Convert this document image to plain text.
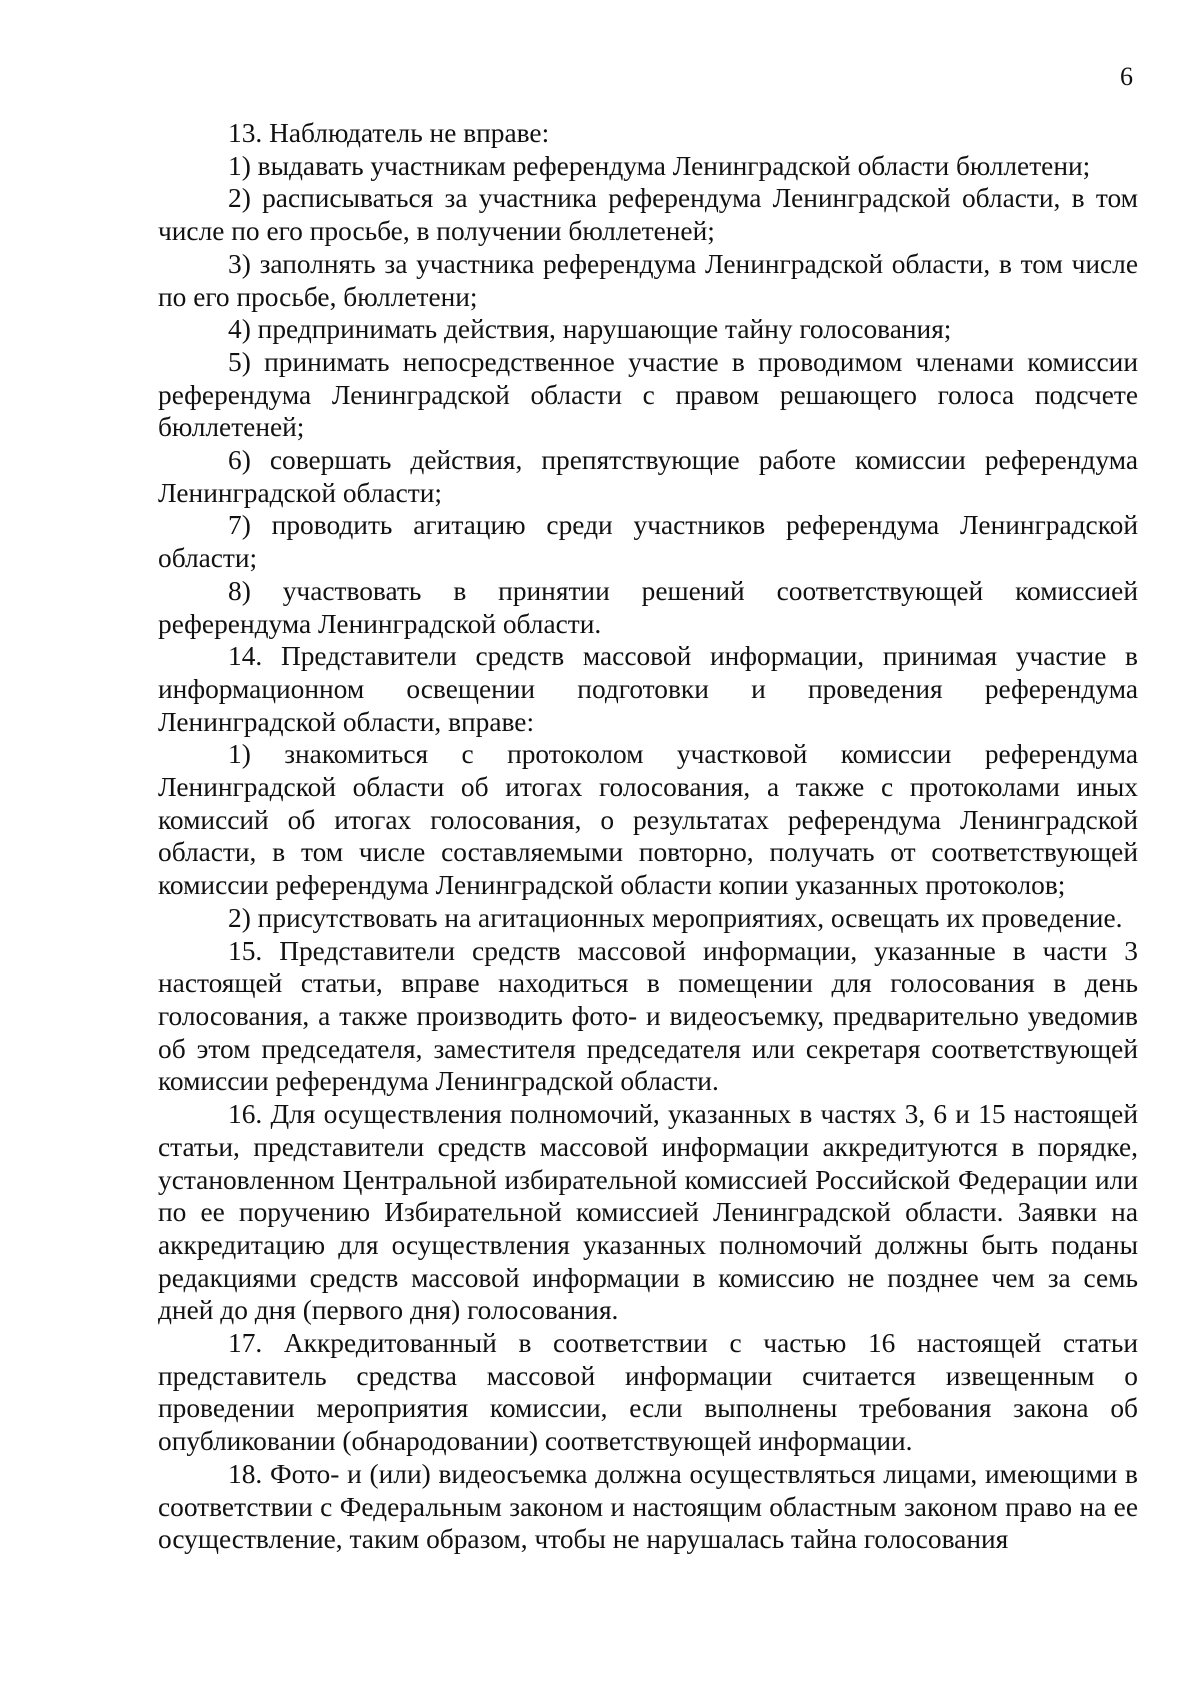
6

13. Наблюдатель не вправе:

1) выдавать участникам референдума Ленинградской области бюллетени;

2) расписываться за участника референдума Ленинградской области, в том числе по его просьбе, в получении бюллетеней;

3) заполнять за участника референдума Ленинградской области, в том числе по его просьбе, бюллетени;

4) предпринимать действия, нарушающие тайну голосования;

5) принимать непосредственное участие в проводимом членами комиссии референдума Ленинградской области с правом решающего голоса подсчете бюллетеней;

6) совершать действия, препятствующие работе комиссии референдума Ленинградской области;

7) проводить агитацию среди участников референдума Ленинградской области;

8) участвовать в принятии решений соответствующей комиссией референдума Ленинградской области.

14. Представители средств массовой информации, принимая участие в информационном освещении подготовки и проведения референдума Ленинградской области, вправе:

1) знакомиться с протоколом участковой комиссии референдума Ленинградской области об итогах голосования, а также с протоколами иных комиссий об итогах голосования, о результатах референдума Ленинградской области, в том числе составляемыми повторно, получать от соответствующей комиссии референдума Ленинградской области копии указанных протоколов;

2) присутствовать на агитационных мероприятиях, освещать их проведение.

15. Представители средств массовой информации, указанные в части 3 настоящей статьи, вправе находиться в помещении для голосования в день голосования, а также производить фото- и видеосъемку, предварительно уведомив об этом председателя, заместителя председателя или секретаря соответствующей комиссии референдума Ленинградской области.

16. Для осуществления полномочий, указанных в частях 3, 6 и 15 настоящей статьи, представители средств массовой информации аккредитуются в порядке, установленном Центральной избирательной комиссией Российской Федерации или по ее поручению Избирательной комиссией Ленинградской области. Заявки на аккредитацию для осуществления указанных полномочий должны быть поданы редакциями средств массовой информации в комиссию не позднее чем за семь дней до дня (первого дня) голосования.

17. Аккредитованный в соответствии с частью 16 настоящей статьи представитель средства массовой информации считается извещенным о проведении мероприятия комиссии, если выполнены требования закона об опубликовании (обнародовании) соответствующей информации.

18. Фото- и (или) видеосъемка должна осуществляться лицами, имеющими в соответствии с Федеральным законом и настоящим областным законом право на ее осуществление, таким образом, чтобы не нарушалась тайна голосования
